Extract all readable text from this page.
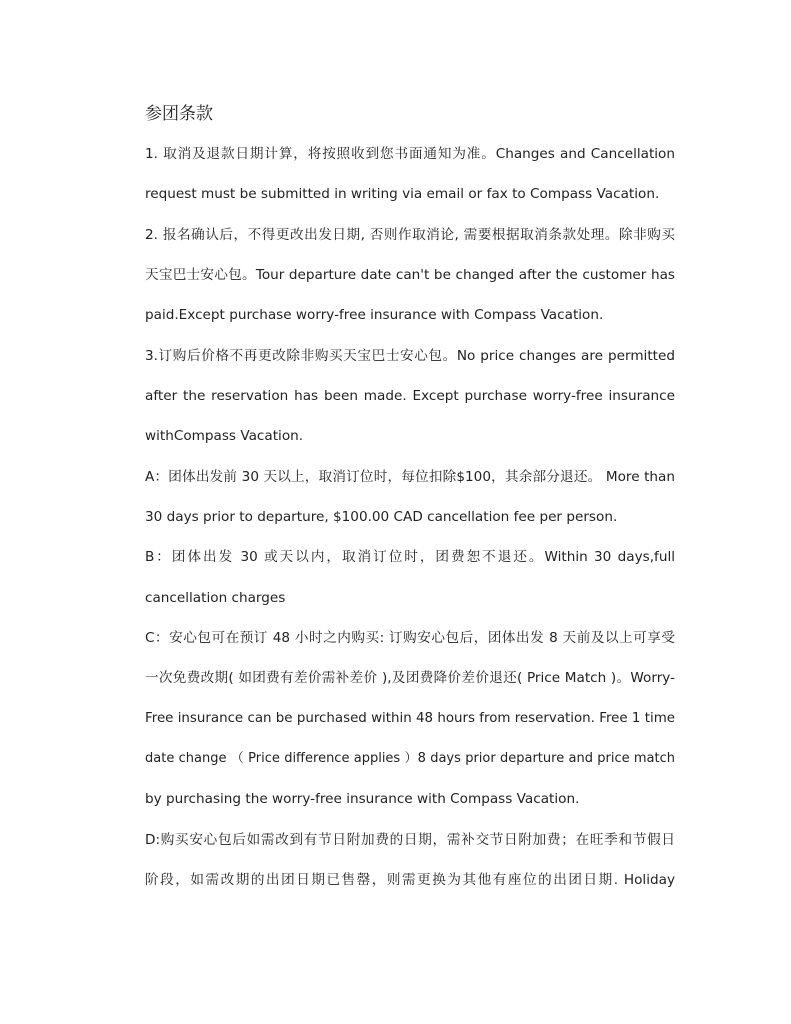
参团条款
1. 取消及退款日期计算，将按照收到您书面通知为准。Changes and Cancellation
request must be submitted in writing via email or fax to Compass Vacation.
2. 报名确认后，不得更改出发日期, 否则作取消论, 需要根据取消条款处理。除非购买
天宝巴士安心包。Tour departure date can't be changed after the customer has
paid.Except purchase worry-free insurance with Compass Vacation.
3.订购后价格不再更改除非购买天宝巴士安心包。No price changes are permitted
after the reservation has been made. Except purchase worry-free insurance
withCompass Vacation.
A：团体出发前 30 天以上，取消订位时，每位扣除$100，其余部分退还。 More than
30 days prior to departure, $100.00 CAD cancellation fee per person.
B：团体出发 30 或天以内，取消订位时，团费恕不退还。Within 30 days,full
cancellation charges
C：安心包可在预订 48 小时之内购买: 订购安心包后，团体出发 8 天前及以上可享受
一次免费改期( 如团费有差价需补差价 ),及团费降价差价退还( Price Match )。Worry-
Free insurance can be purchased within 48 hours from reservation. Free 1 time
date change （ Price difference applies ）8 days prior departure and price match
by purchasing the worry-free insurance with Compass Vacation.
D:购买安心包后如需改到有节日附加费的日期，需补交节日附加费；在旺季和节假日
阶段，如需改期的出团日期已售罄，则需更换为其他有座位的出团日期. Holiday
